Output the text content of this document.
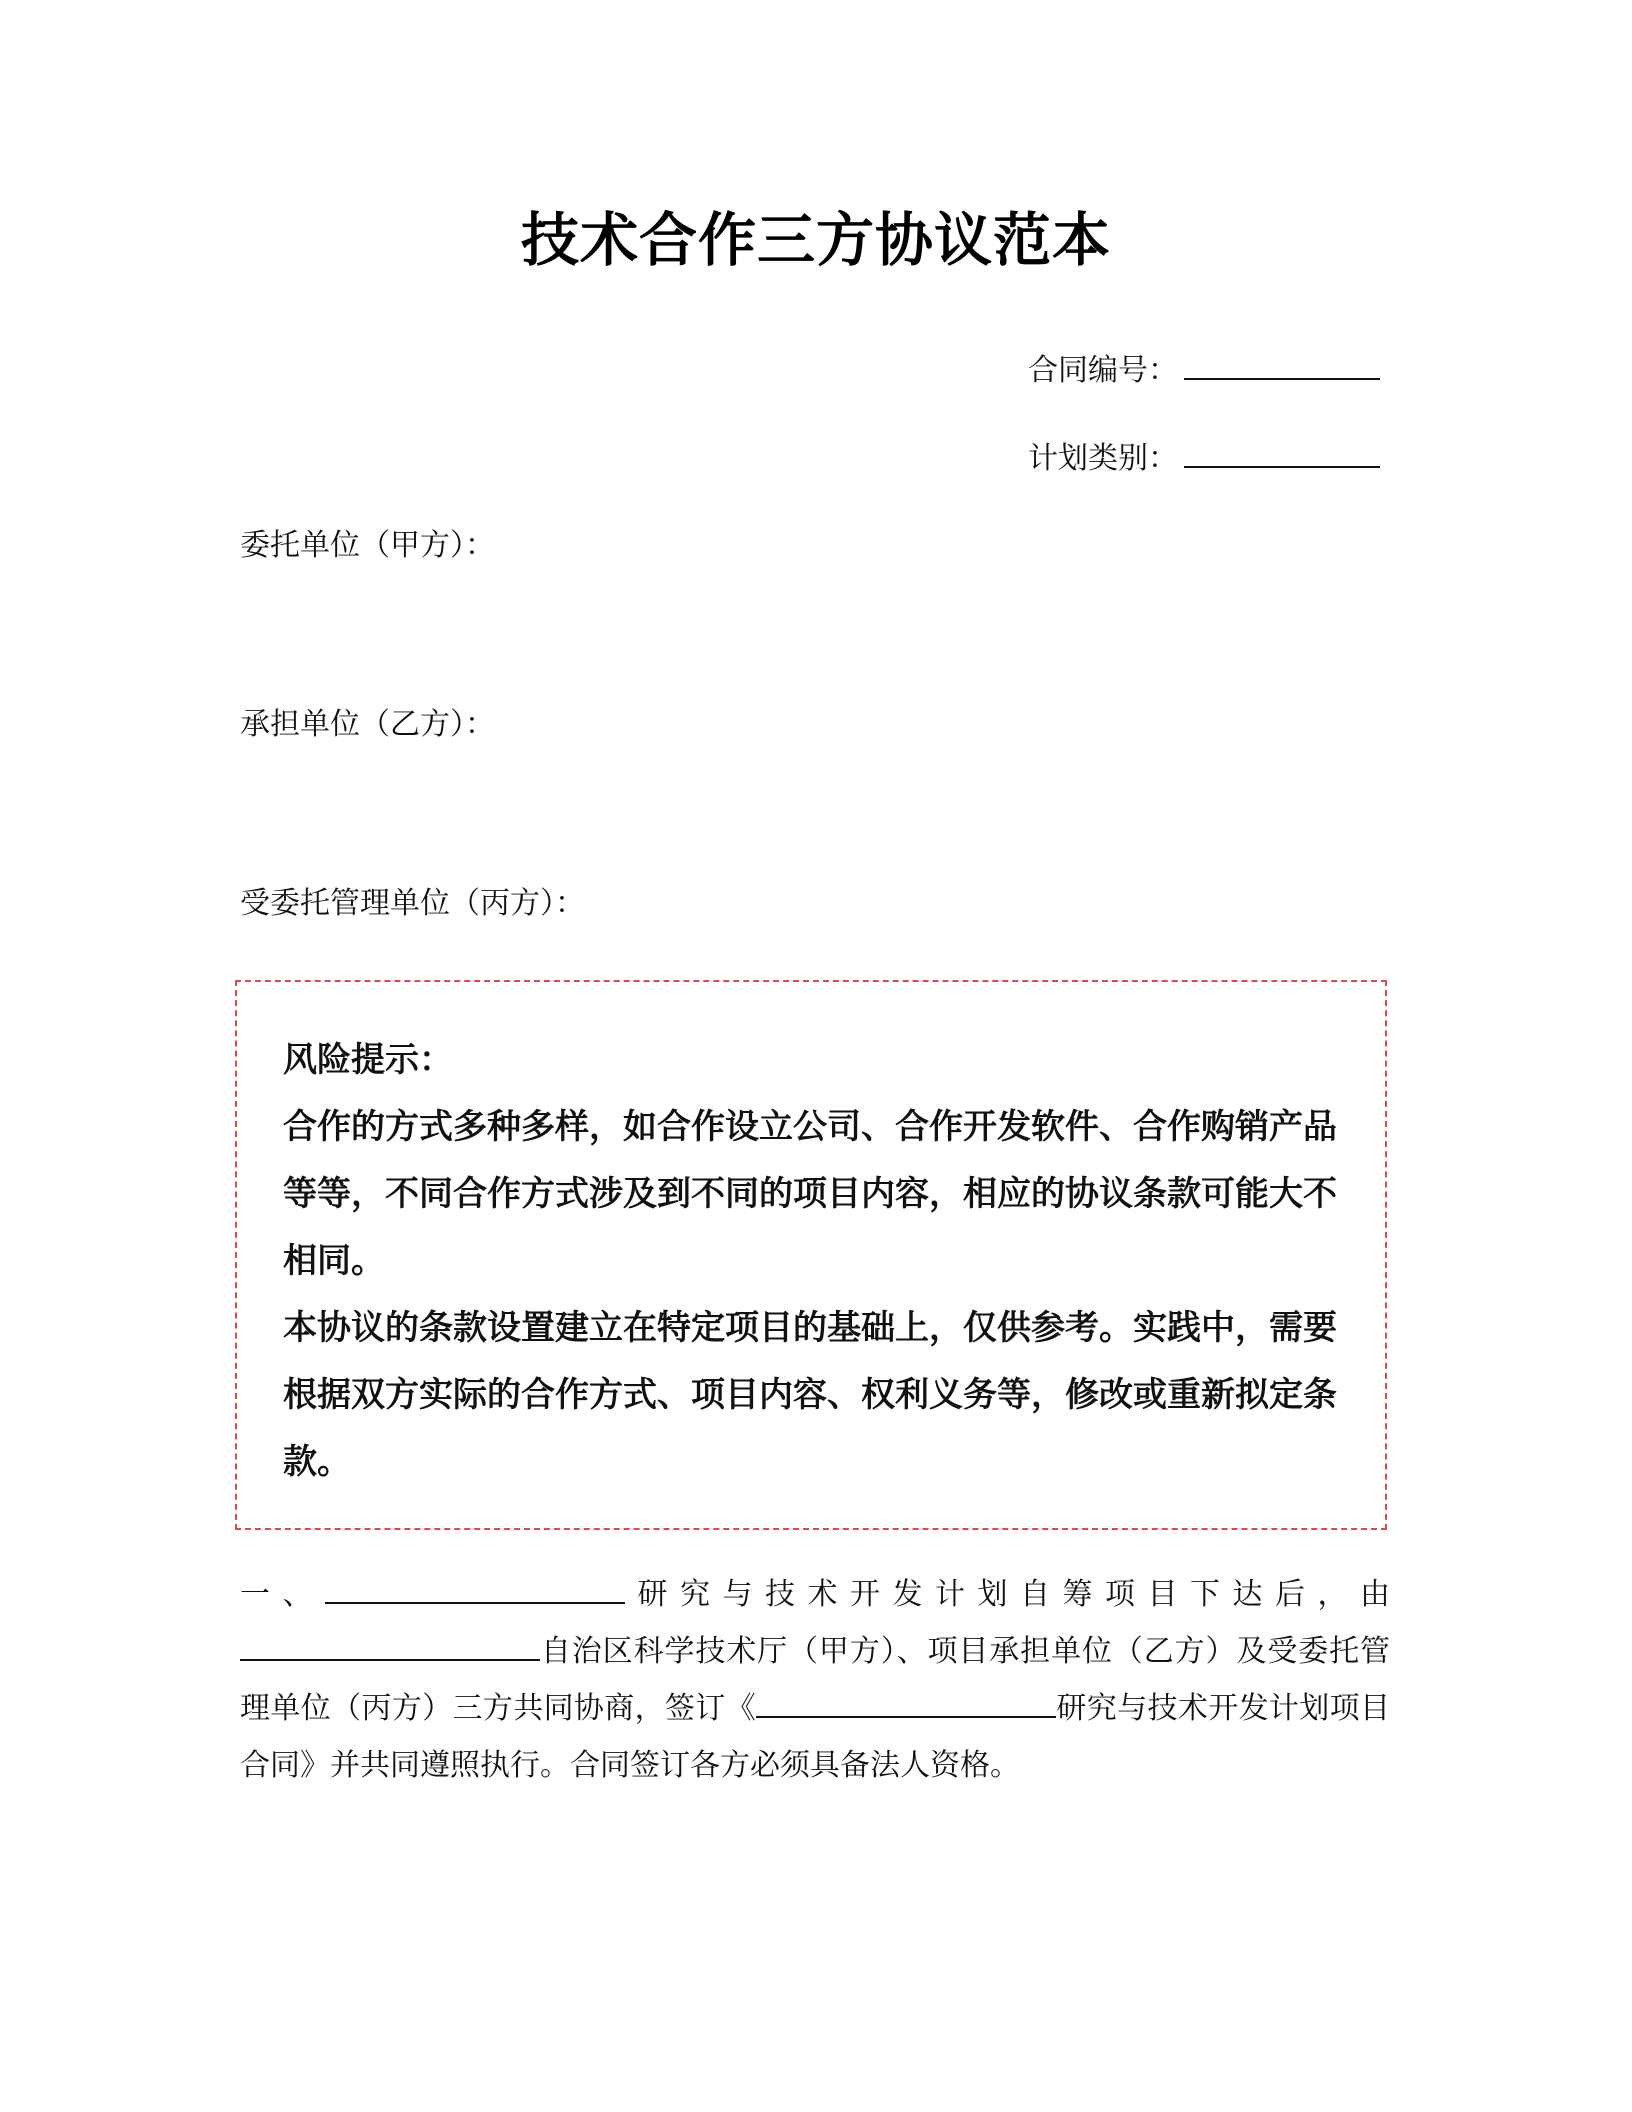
技术合作三方协议范本
合同编号：
计划类别：
委托单位（甲方）：
承担单位（乙方）：
受委托管理单位（丙方）：

风险提示：

合作的方式多种多样，如合作设立公司、合作开发软件、合作购销产品等等，不同合作方式涉及到不同的项目内容，相应的协议条款可能大不相同。

本协议的条款设置建立在特定项目的基础上，仅供参考。实践中，需要根据双方实际的合作方式、项目内容、权利义务等，修改或重新拟定条款。

一、	研究与技术开发计划自筹项目下达后，由自治区科学技术厅（甲方）、项目承担单位（乙方）及受委托管理单位（丙方）三方共同协商，签订《	研究与技术开发计划项目合同》并共同遵照执行。合同签订各方必须具备法人资格。
